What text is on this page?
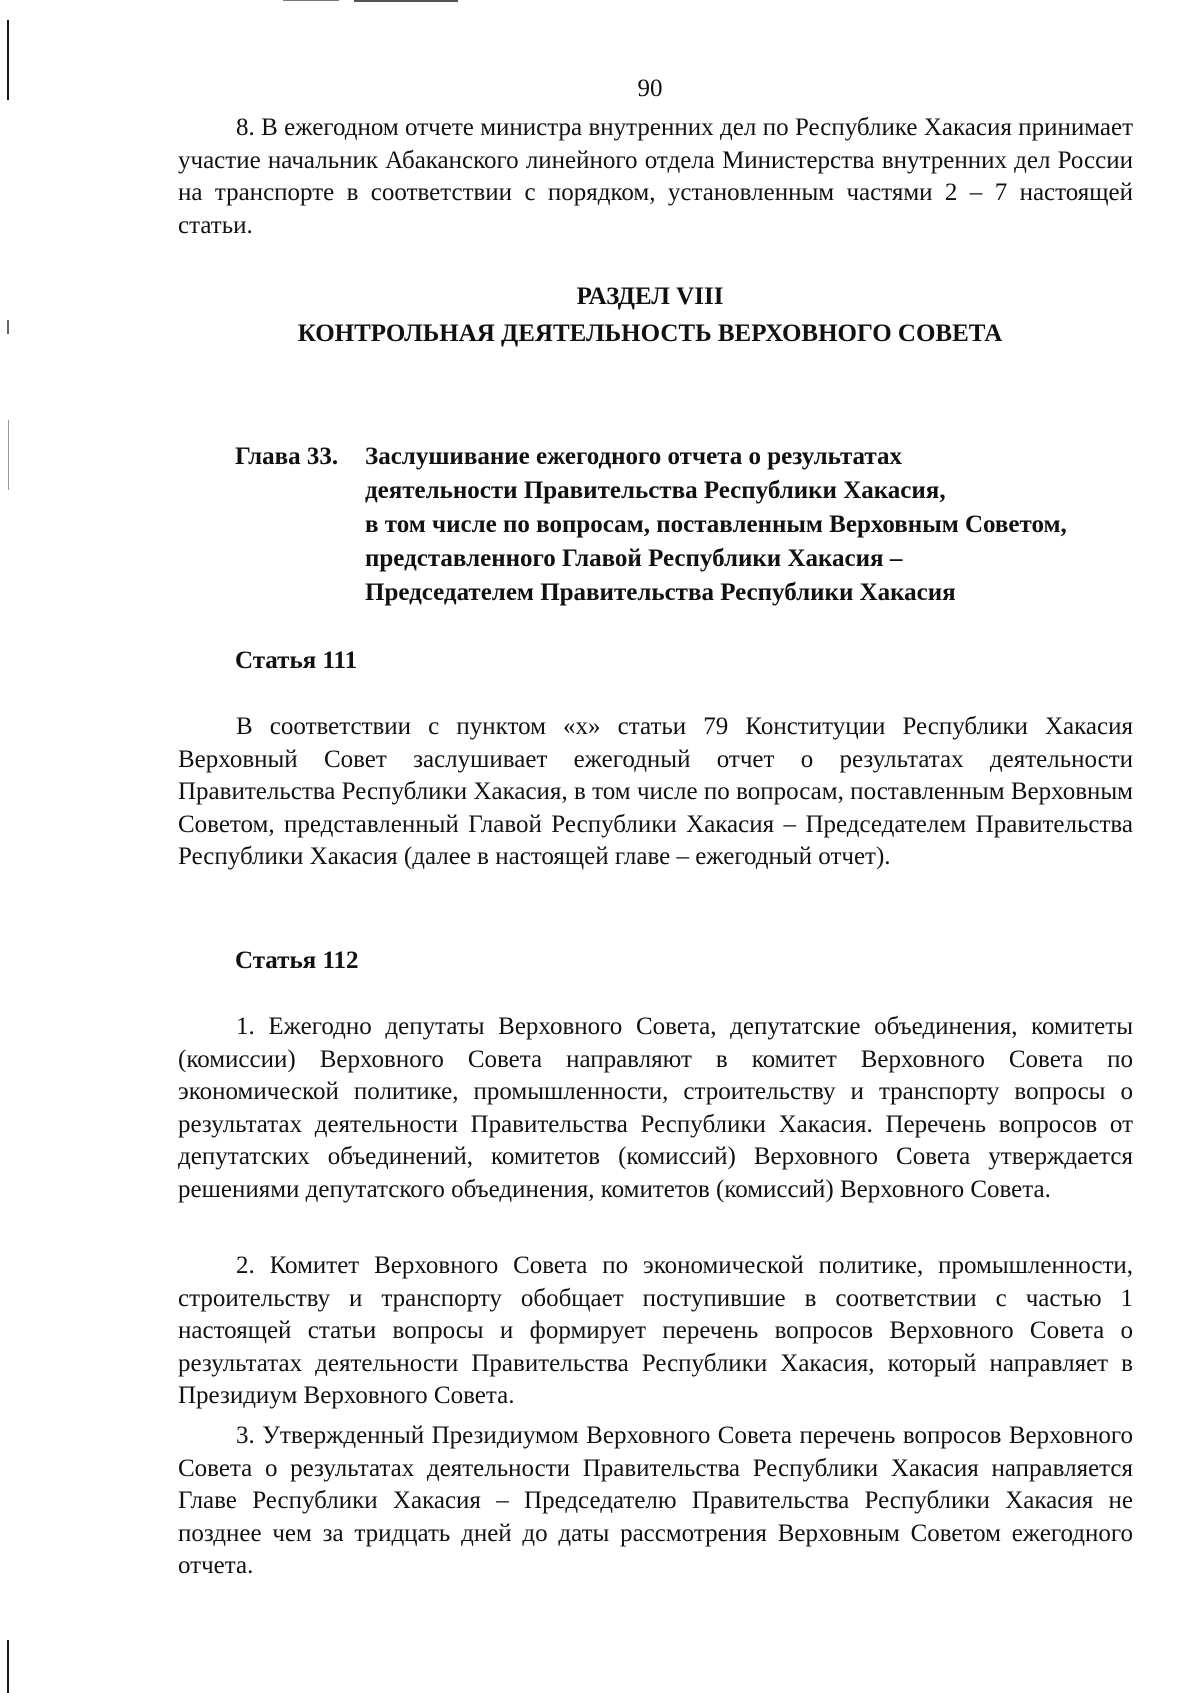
90

8. В ежегодном отчете министра внутренних дел по Республике Хакасия принимает участие начальник Абаканского линейного отдела Министерства внутренних дел России на транспорте в соответствии с порядком, установленным частями 2 – 7 настоящей статьи.

РАЗДЕЛ VIII

КОНТРОЛЬНАЯ ДЕЯТЕЛЬНОСТЬ ВЕРХОВНОГО СОВЕТА

Глава 33. Заслушивание ежегодного отчета о результатах
деятельности Правительства Республики Хакасия,
в том числе по вопросам, поставленным Верховным Советом,
представленного Главой Республики Хакасия –
Председателем Правительства Республики Хакасия

Статья 111

В соответствии с пунктом «х» статьи 79 Конституции Республики Хакасия Верховный Совет заслушивает ежегодный отчет о результатах деятельности Правительства Республики Хакасия, в том числе по вопросам, поставленным Верховным Советом, представленный Главой Республики Хакасия – Председателем Правительства Республики Хакасия (далее в настоящей главе – ежегодный отчет).

Статья 112

1. Ежегодно депутаты Верховного Совета, депутатские объединения, комитеты (комиссии) Верховного Совета направляют в комитет Верховного Совета по экономической политике, промышленности, строительству и транспорту вопросы о результатах деятельности Правительства Республики Хакасия. Перечень вопросов от депутатских объединений, комитетов (комиссий) Верховного Совета утверждается решениями депутатского объединения, комитетов (комиссий) Верховного Совета.

2. Комитет Верховного Совета по экономической политике, промышленности, строительству и транспорту обобщает поступившие в соответствии с частью 1 настоящей статьи вопросы и формирует перечень вопросов Верховного Совета о результатах деятельности Правительства Республики Хакасия, который направляет в Президиум Верховного Совета.

3. Утвержденный Президиумом Верховного Совета перечень вопросов Верховного Совета о результатах деятельности Правительства Республики Хакасия направляется Главе Республики Хакасия – Председателю Правительства Республики Хакасия не позднее чем за тридцать дней до даты рассмотрения Верховным Советом ежегодного отчета.
